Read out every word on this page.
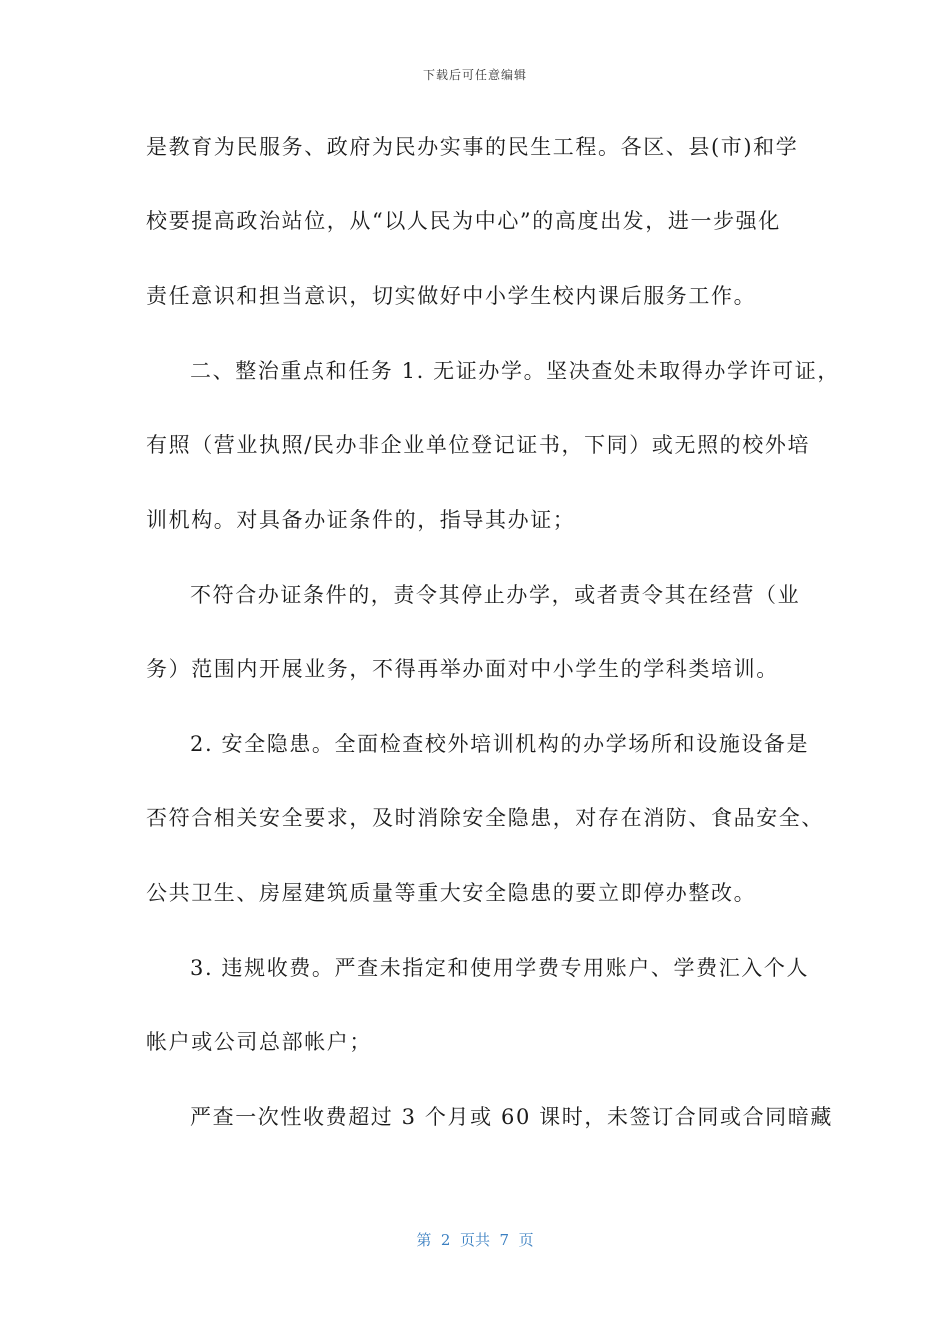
下载后可任意编辑
是教育为民服务、政府为民办实事的民生工程。各区、县(市)和学
校要提高政治站位，从“以人民为中心”的高度出发，进一步强化
责任意识和担当意识，切实做好中小学生校内课后服务工作。
二、整治重点和任务 1. 无证办学。坚决查处未取得办学许可证，
有照（营业执照/民办非企业单位登记证书，下同）或无照的校外培
训机构。对具备办证条件的，指导其办证；
不符合办证条件的，责令其停止办学，或者责令其在经营（业
务）范围内开展业务，不得再举办面对中小学生的学科类培训。
2. 安全隐患。全面检查校外培训机构的办学场所和设施设备是
否符合相关安全要求，及时消除安全隐患，对存在消防、食品安全、
公共卫生、房屋建筑质量等重大安全隐患的要立即停办整改。
3. 违规收费。严查未指定和使用学费专用账户、学费汇入个人
帐户或公司总部帐户；
严查一次性收费超过 3 个月或 60 课时，未签订合同或合同暗藏
第  2  页共  7  页
